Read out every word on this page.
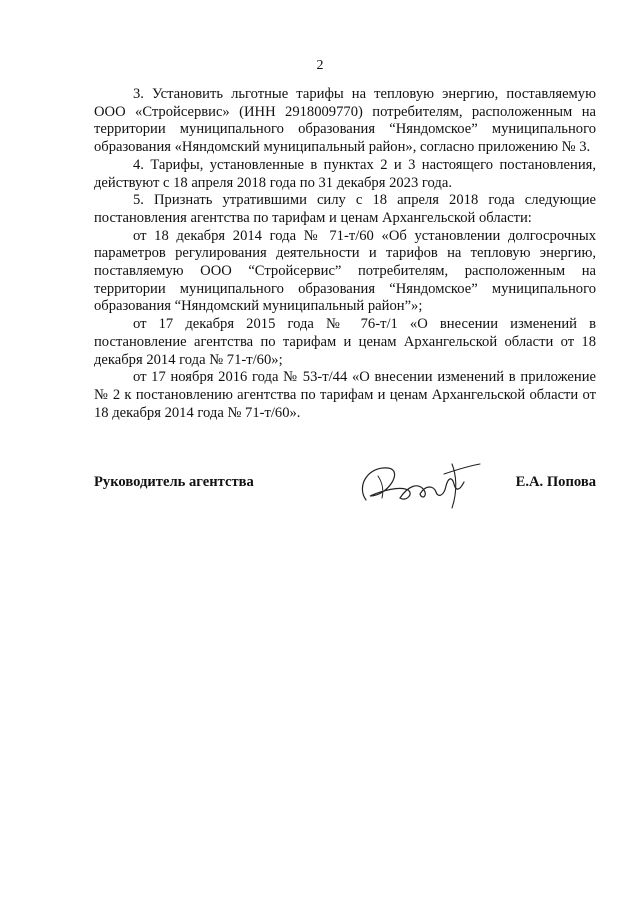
2

3. Установить льготные тарифы на тепловую энергию, поставляемую ООО «Стройсервис» (ИНН 2918009770) потребителям, расположенным на территории муниципального образования “Няндомское” муниципального образования «Няндомский муниципальный район», согласно приложению № 3.

4. Тарифы, установленные в пунктах 2 и 3 настоящего постановления, действуют с 18 апреля 2018 года по 31 декабря 2023 года.

5. Признать утратившими силу с 18 апреля 2018 года следующие постановления агентства по тарифам и ценам Архангельской области:

от 18 декабря 2014 года № 71-т/60 «Об установлении долгосрочных параметров регулирования деятельности и тарифов на тепловую энергию, поставляемую ООО “Стройсервис” потребителям, расположенным на территории муниципального образования “Няндомское” муниципального образования “Няндомский муниципальный район”»;

от 17 декабря 2015 года № 76-т/1 «О внесении изменений в постановление агентства по тарифам и ценам Архангельской области от 18 декабря 2014 года № 71-т/60»;

от 17 ноября 2016 года № 53-т/44 «О внесении изменений в приложение № 2 к постановлению агентства по тарифам и ценам Архангельской области от 18 декабря 2014 года № 71-т/60».

Руководитель агентства	Е.А. Попова
